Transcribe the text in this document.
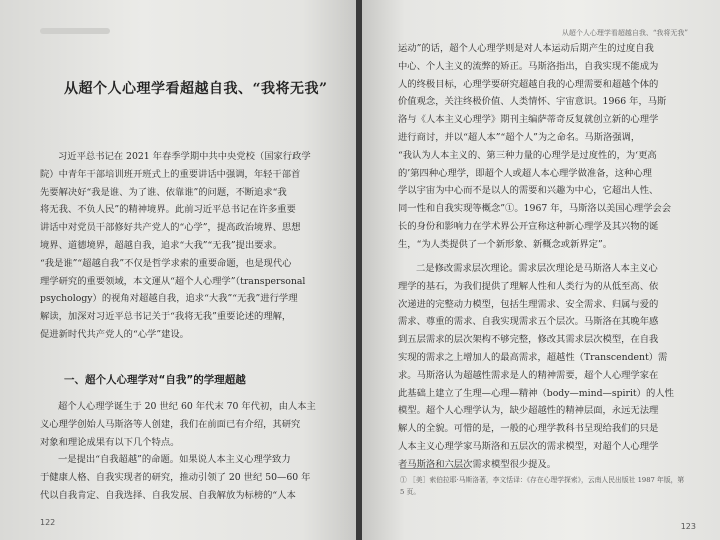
从超个人心理学看超越自我、“我将无我”
习近平总书记在 2021 年春季学期中共中央党校（国家行政学
院）中青年干部培训班开班式上的重要讲话中强调，年轻干部首
先要解决好“我是谁、为了谁、依靠谁”的问题，不断追求“我
将无我、不负人民”的精神境界。此前习近平总书记在许多重要
讲话中对党员干部修好共产党人的“心学”，提高政治境界、思想
境界、道德境界，超越自我，追求“大我”“无我”提出要求。
“我是谁”“超越自我”不仅是哲学求索的重要命题，也是现代心
理学研究的重要领域，本文運从“超个人心理学”（transpersonal
psychology）的视角对超越自我，追求“大我”“无我”进行学理
解读，加深对习近平总书记关于“我将无我”重要论述的理解，
促进新时代共产党人的“心学”建设。
一、超个人心理学对“自我”的学理超越
超个人心理学诞生于 20 世纪 60 年代末 70 年代初，由人本主
义心理学创始人马斯洛等人创建，我们在前面已有介绍，其研究
对象和理论成果有以下几个特点。
一是提出“自我超越”的命题。如果说人本主义心理学致力
于健康人格、自我实现者的研究，推动引领了 20 世纪 50—60 年
代以自我肯定、自我选择、自我发展、自我解放为标榜的“人本
122
从超个人心理学看超越自我、“我将无我”
运动”的话，超个人心理学则是对人本运动后期产生的过度自我
中心、个人主义的流弊的矫正。马斯洛指出，自我实现不能成为
人的终极目标，心理学要研究超越自我的心理需要和超越个体的
价值观念，关注终极价值、人类情怀、宇宙意识。1966 年，马斯
洛与《人本主义心理学》期刊主编萨蒂奇反复就创立新的心理学
进行商讨，并以“超人本”“超个人”为之命名。马斯洛强调，
“我认为人本主义的、第三种力量的心理学是过度性的，为‘更高
的’第四种心理学，即超个人或超人本心理学做准备，这种心理
学以宇宙为中心而不是以人的需要和兴趣为中心，它超出人性、
同一性和自我实现等概念”①。1967 年，马斯洛以美国心理学会会
长的身份和影响力在学术界公开宣称这种新心理学及其兴物的诞
生，“为人类提供了一个新形象、新概念或新界定”。
二是修改需求层次理论。需求层次理论是马斯洛人本主义心
理学的基石，为我们提供了理解人性和人类行为的从低至高、依
次递进的完整动力模型，包括生理需求、安全需求、归属与爱的
需求、尊重的需求、自我实现需求五个层次。马斯洛在其晚年感
到五层需求的层次架构不够完整，修改其需求层次模型，在自我
实现的需求之上增加人的最高需求，超越性（Transcendent）需
求。马斯洛认为超越性需求是人的精神需要，超个人心理学家在
此基础上建立了生理—心理—精神（body—mind—spirit）的人性
模型。超个人心理学认为，缺少超越性的精神层面，永远无法理
解人的全貌。可惜的是，一般的心理学教科书呈现给我们的只是
人本主义心理学家马斯洛和五层次的需求模型，对超个人心理学
者马斯洛和六层次需求模型很少提及。
123
① ［美］索伯拉耶·马斯洛著，李文恬译：《存在心理学探索》，云南人民出版社 1987 年版，第 5 页。
